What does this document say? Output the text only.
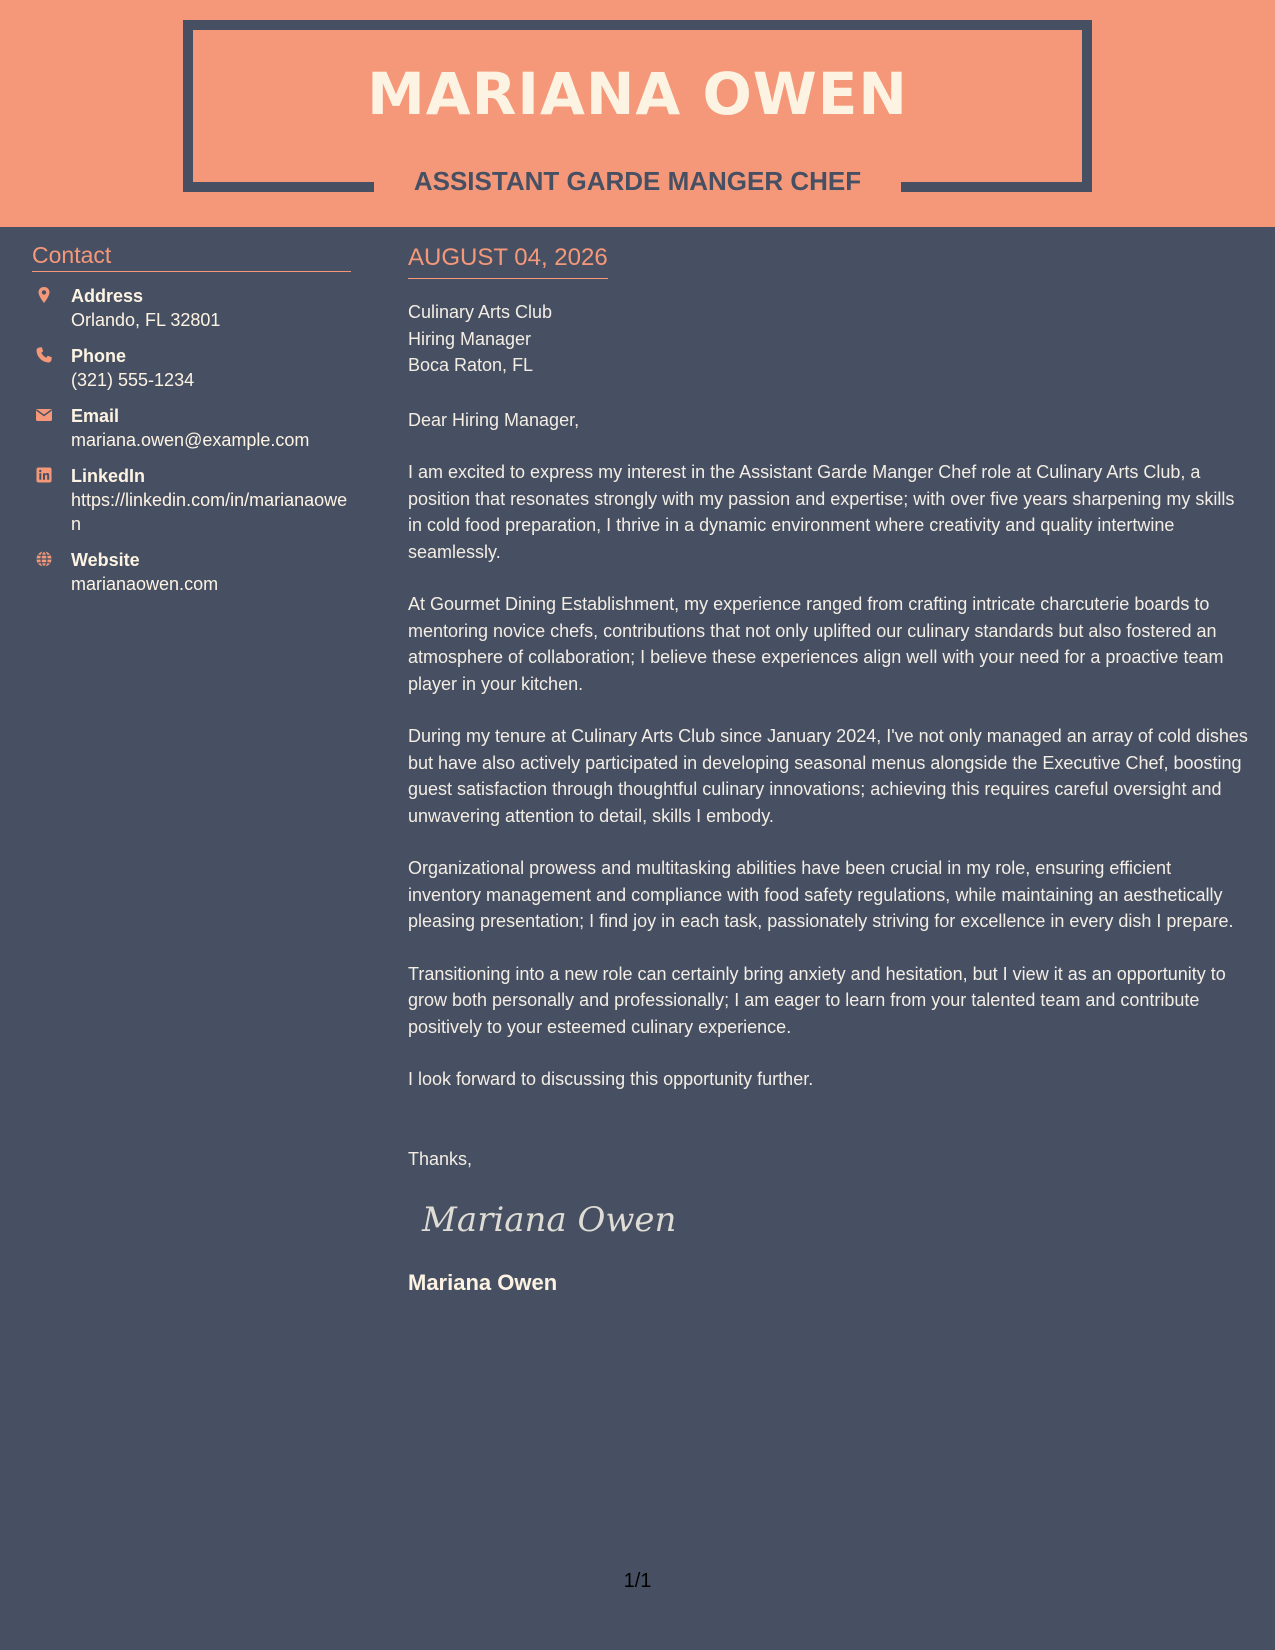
MARIANA OWEN
ASSISTANT GARDE MANGER CHEF
Contact
Address
Orlando, FL 32801
Phone
(321) 555-1234
Email
mariana.owen@example.com
LinkedIn
https://linkedin.com/in/marianaowen
Website
marianaowen.com
AUGUST 04, 2026
Culinary Arts Club
Hiring Manager
Boca Raton, FL
Dear Hiring Manager,
I am excited to express my interest in the Assistant Garde Manger Chef role at Culinary Arts Club, a position that resonates strongly with my passion and expertise; with over five years sharpening my skills in cold food preparation, I thrive in a dynamic environment where creativity and quality intertwine seamlessly.
At Gourmet Dining Establishment, my experience ranged from crafting intricate charcuterie boards to mentoring novice chefs, contributions that not only uplifted our culinary standards but also fostered an atmosphere of collaboration; I believe these experiences align well with your need for a proactive team player in your kitchen.
During my tenure at Culinary Arts Club since January 2024, I've not only managed an array of cold dishes but have also actively participated in developing seasonal menus alongside the Executive Chef, boosting guest satisfaction through thoughtful culinary innovations; achieving this requires careful oversight and unwavering attention to detail, skills I embody.
Organizational prowess and multitasking abilities have been crucial in my role, ensuring efficient inventory management and compliance with food safety regulations, while maintaining an aesthetically pleasing presentation; I find joy in each task, passionately striving for excellence in every dish I prepare.
Transitioning into a new role can certainly bring anxiety and hesitation, but I view it as an opportunity to grow both personally and professionally; I am eager to learn from your talented team and contribute positively to your esteemed culinary experience.
I look forward to discussing this opportunity further.
Thanks,
Mariana Owen
Mariana Owen
1/1
